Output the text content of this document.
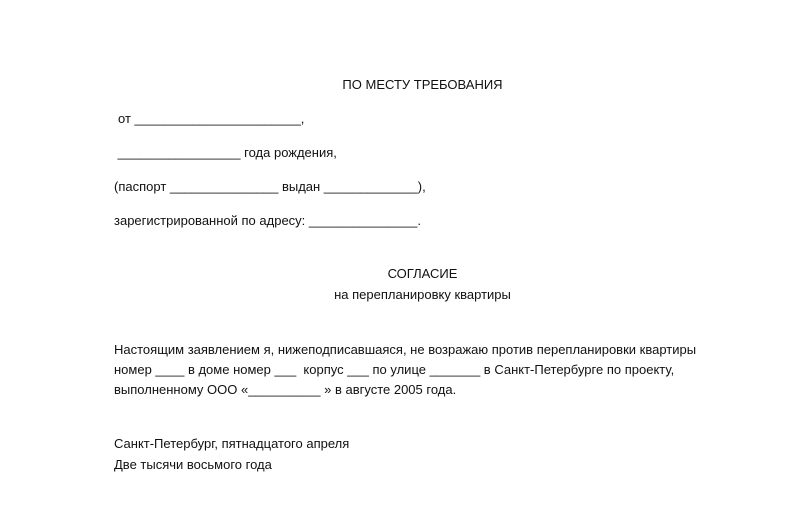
ПО МЕСТУ ТРЕБОВАНИЯ
от _______________________,
_________________ года рождения,
(паспорт _______________ выдан _____________),
зарегистрированной по адресу: _______________.
СОГЛАСИЕ
на перепланировку квартиры
Настоящим заявлением я, нижеподписавшаяся, не возражаю против перепланировки квартиры
номер ____ в доме номер ___  корпус ___ по улице _______ в Санкт-Петербурге по проекту,
выполненному ООО «__________ » в августе 2005 года.
Санкт-Петербург, пятнадцатого апреля
Две тысячи восьмого года
